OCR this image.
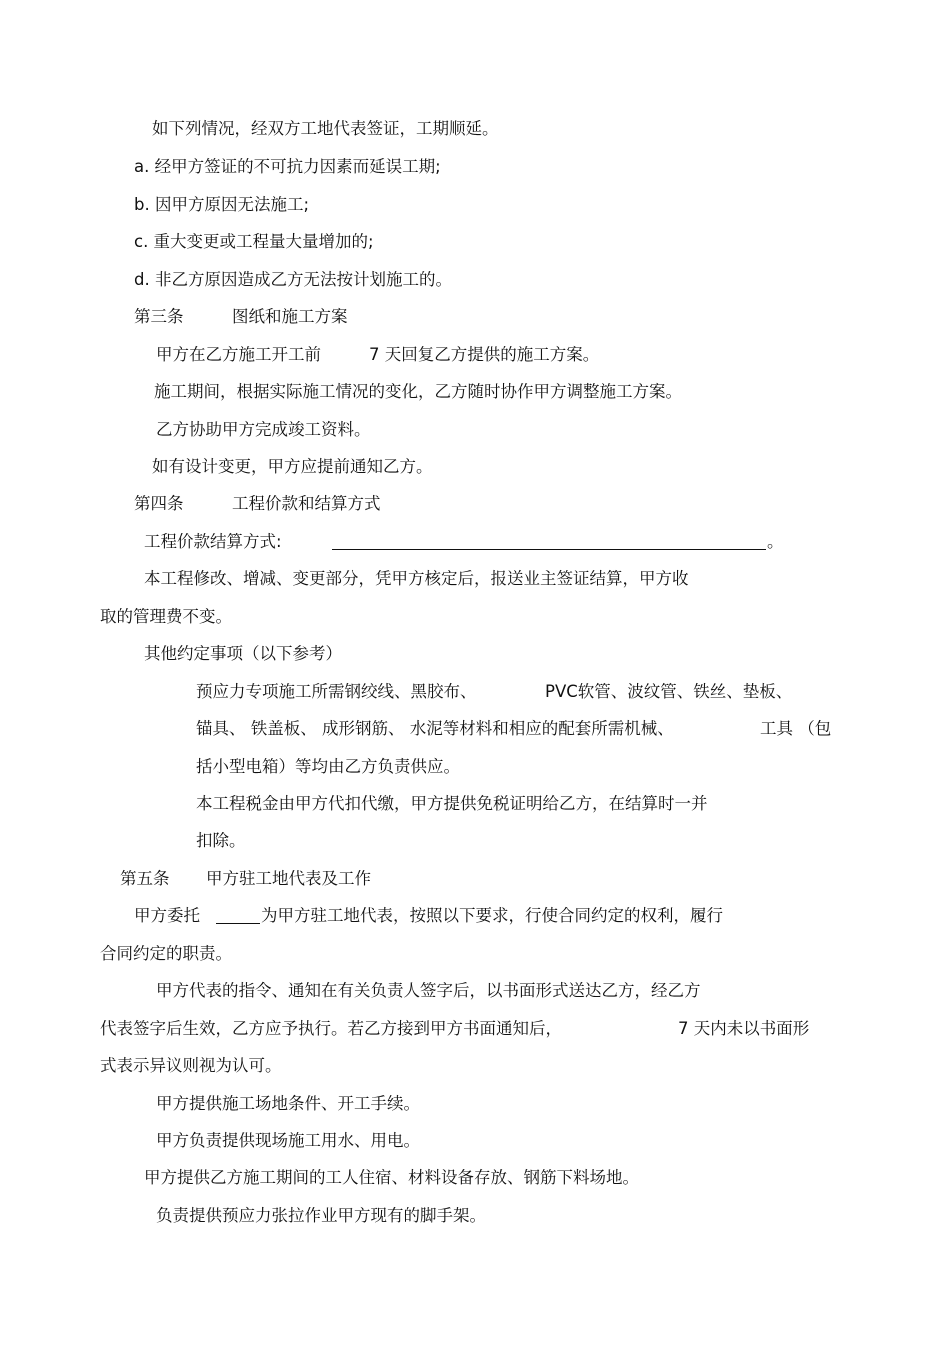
如下列情况，经双方工地代表签证，工期顺延。
a. 经甲方签证的不可抗力因素而延误工期;
b. 因甲方原因无法施工;
c. 重大变更或工程量大量增加的;
d. 非乙方原因造成乙方无法按计划施工的。
第三条	图纸和施工方案
甲方在乙方施工开工前	7 天回复乙方提供的施工方案。
施工期间，根据实际施工情况的变化，乙方随时协作甲方调整施工方案。
乙方协助甲方完成竣工资料。
如有设计变更，甲方应提前通知乙方。
第四条	工程价款和结算方式
工程价款结算方式:	。
本工程修改、增减、变更部分，凭甲方核定后，报送业主签证结算，甲方收
取的管理费不变。
其他约定事项（以下参考）
预应力专项施工所需钢绞线、黑胶布、	PVC软管、波纹管、铁丝、垫板、
锚具、 铁盖板、 成形钢筋、 水泥等材料和相应的配套所需机械、	工具 （包
括小型电箱）等均由乙方负责供应。
本工程税金由甲方代扣代缴，甲方提供免税证明给乙方，在结算时一并
扣除。
第五条 甲方驻工地代表及工作
甲方委托	为甲方驻工地代表，按照以下要求，行使合同约定的权利，履行
合同约定的职责。
甲方代表的指令、通知在有关负责人签字后，以书面形式送达乙方，经乙方
代表签字后生效，乙方应予执行。若乙方接到甲方书面通知后，	7 天内未以书面形
式表示异议则视为认可。
甲方提供施工场地条件、开工手续。
甲方负责提供现场施工用水、用电。
甲方提供乙方施工期间的工人住宿、材料设备存放、钢筋下料场地。
负责提供预应力张拉作业甲方现有的脚手架。
